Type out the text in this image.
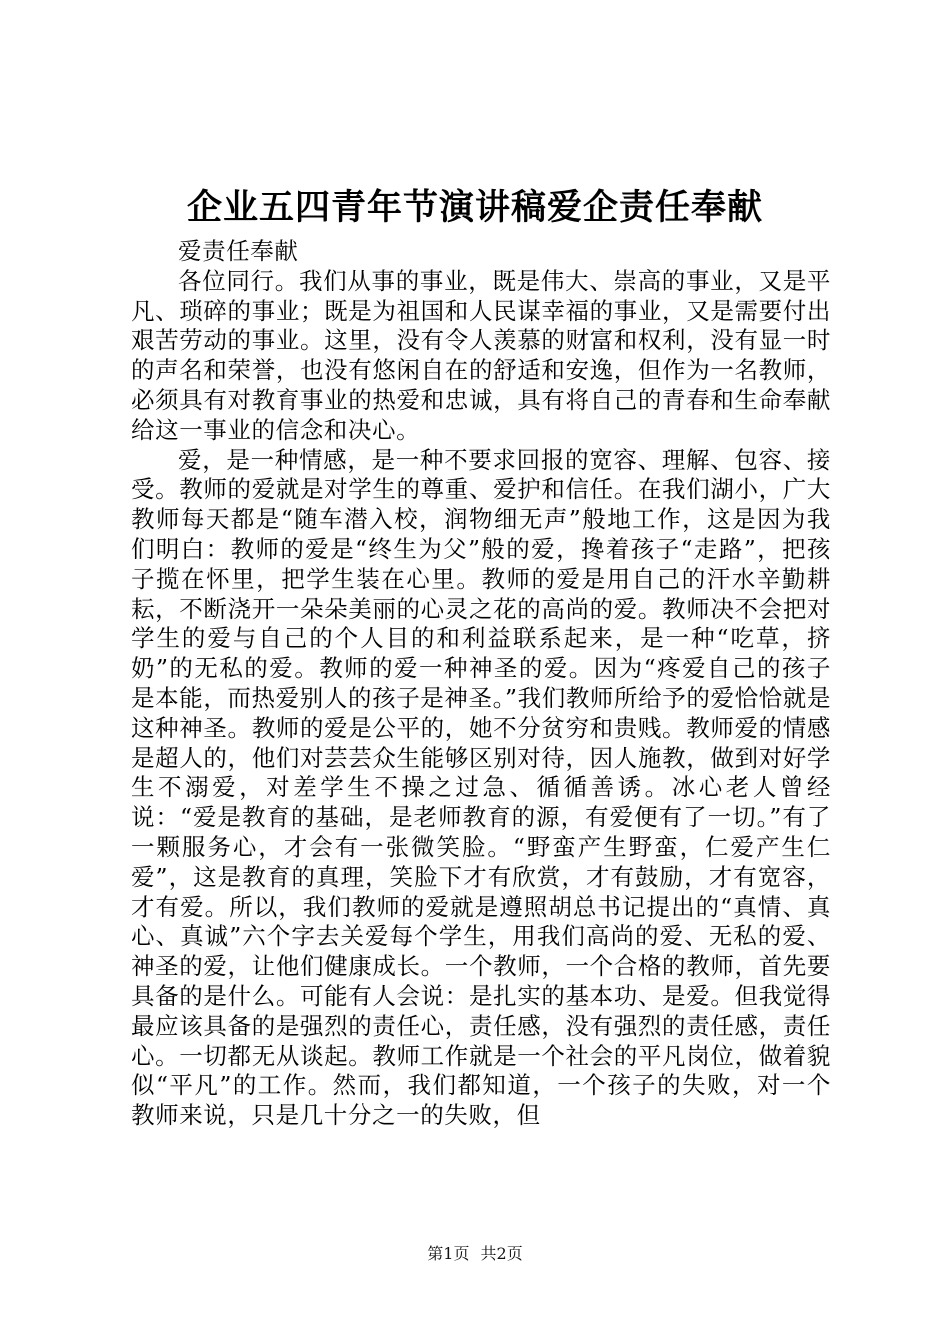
企业五四青年节演讲稿爱企责任奉献

爱责任奉献

各位同行。我们从事的事业，既是伟大、崇高的事业，又是平凡、琐碎的事业；既是为祖国和人民谋幸福的事业，又是需要付出艰苦劳动的事业。这里，没有令人羡慕的财富和权利，没有显一时的声名和荣誉，也没有悠闲自在的舒适和安逸，但作为一名教师，必须具有对教育事业的热爱和忠诚，具有将自己的青春和生命奉献给这一事业的信念和决心。

爱，是一种情感，是一种不要求回报的宽容、理解、包容、接受。教师的爱就是对学生的尊重、爱护和信任。在我们湖小，广大教师每天都是“随车潜入校，润物细无声”般地工作，这是因为我们明白：教师的爱是“终生为父”般的爱，搀着孩子“走路”，把孩子揽在怀里，把学生装在心里。教师的爱是用自己的汗水辛勤耕耘，不断浇开一朵朵美丽的心灵之花的高尚的爱。教师决不会把对学生的爱与自己的个人目的和利益联系起来，是一种“吃草，挤奶”的无私的爱。教师的爱一种神圣的爱。因为“疼爱自己的孩子是本能，而热爱别人的孩子是神圣。”我们教师所给予的爱恰恰就是这种神圣。教师的爱是公平的，她不分贫穷和贵贱。教师爱的情感是超人的，他们对芸芸众生能够区别对待，因人施教，做到对好学生不溺爱，对差学生不操之过急、循循善诱。冰心老人曾经说：“爱是教育的基础，是老师教育的源，有爱便有了一切。”有了一颗服务心，才会有一张微笑脸。“野蛮产生野蛮，仁爱产生仁爱”，这是教育的真理，笑脸下才有欣赏，才有鼓励，才有宽容，才有爱。所以，我们教师的爱就是遵照胡总书记提出的“真情、真心、真诚”六个字去关爱每个学生，用我们高尚的爱、无私的爱、神圣的爱，让他们健康成长。一个教师，一个合格的教师，首先要具备的是什么。可能有人会说：是扎实的基本功、是爱。但我觉得最应该具备的是强烈的责任心，责任感，没有强烈的责任感，责任心。一切都无从谈起。教师工作就是一个社会的平凡岗位，做着貌似“平凡”的工作。然而，我们都知道，一个孩子的失败，对一个教师来说，只是几十分之一的失败，但

第1页 共2页
